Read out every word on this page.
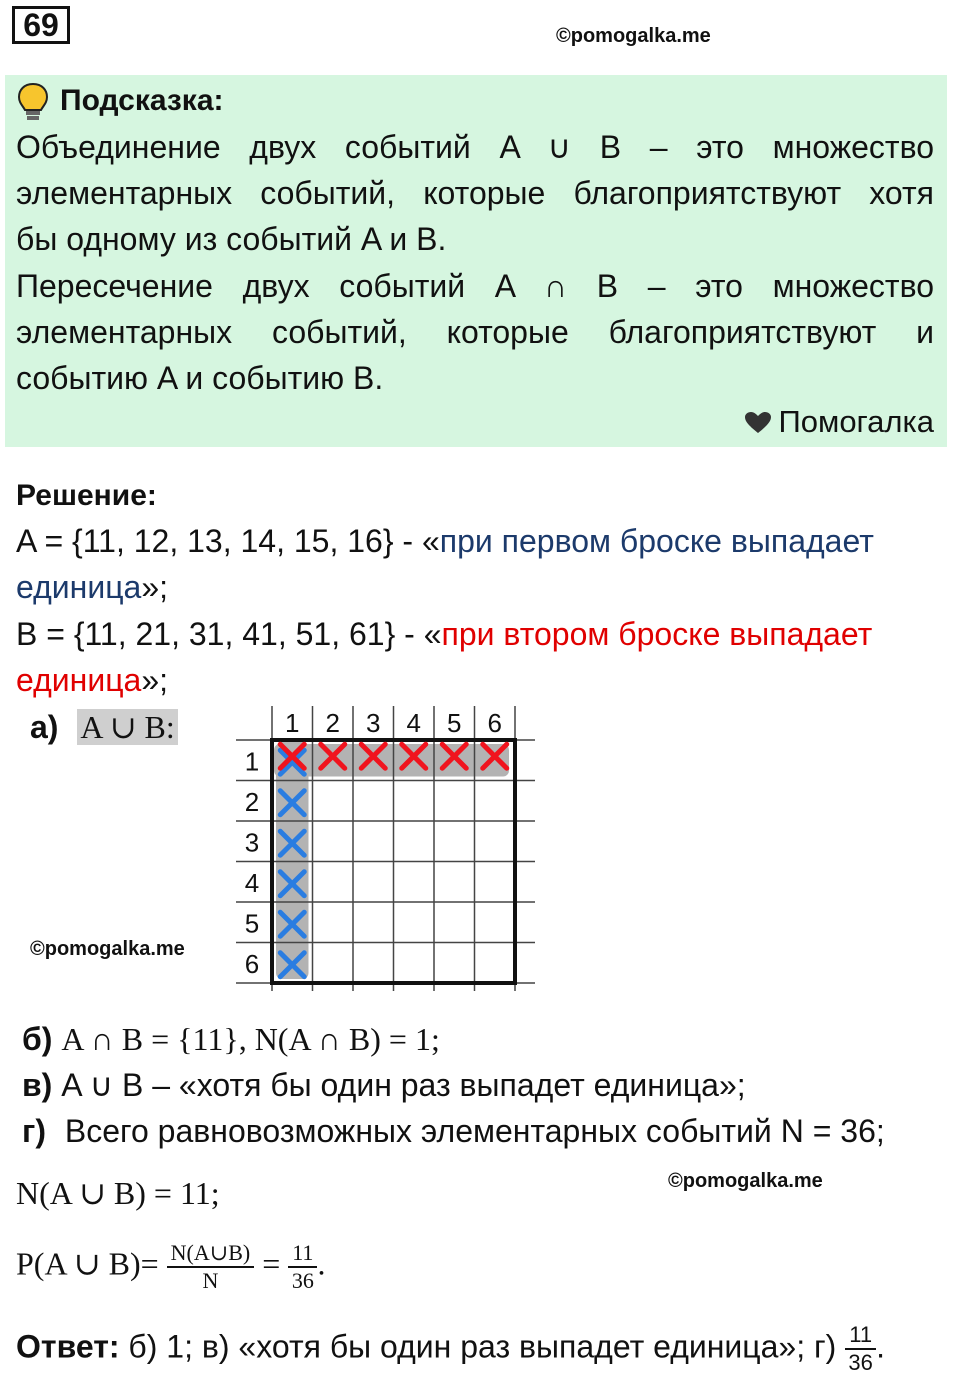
69	©pomogalka.me
Подсказка:
Объединение двух событий A ∪ B – это множество
элементарных событий, которые благоприятствуют хотя
бы одному из событий A и B.
Пересечение двух событий A ∩ B – это множество
элементарных событий, которые благоприятствуют и
событию A и событию B.
Помогалка
Решение:
A = {11, 12, 13, 14, 15, 16} - «при первом броске выпадает
единица»;
B = {11, 21, 31, 41, 51, 61} - «при втором броске выпадает
единица»;
а) A ∪ B:	1 2 3 4 5 6
1
2
3
4
5
6
©pomogalka.me
б) A ∩ B = {11}, N(A ∩ B) = 1;
в) A ∪ B – «хотя бы один раз выпадет единица»;
г) Всего равновозможных элементарных событий N = 36;
©pomogalka.me
N(A ∪ B) = 11;
P(A ∪ $B)= \frac{N(A\cup B)}{N} = \frac{11}{36}$ .
Ответ: б) 1; в) «хотя бы один раз выпадет единица»; $г) \frac{11}{36}$ .
